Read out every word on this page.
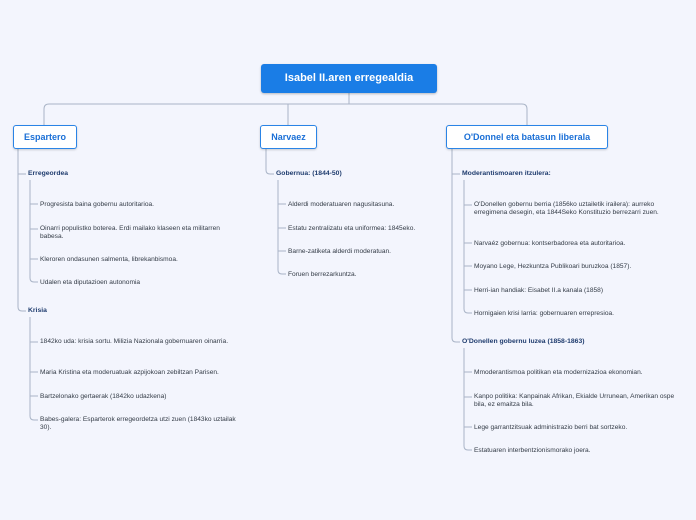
Isabel II.aren erregealdia
Espartero
Erregeordea
Progresista baina gobernu autoritarioa.
Oinarri populistko boterea. Erdi mailako klaseen eta militarren babesa.
Kleroren ondasunen salmenta, librekanbismoa.
Udalen eta diputazioen autonomia
Krisia
1842ko uda: krisia sortu. Milizia Nazionala gobernuaren oinarria.
Maria Kristina eta moderuatuak azpijokoan zebiltzan Parisen.
Bartzelonako gertaerak (1842ko udazkena)
Babes-galera: Esparterok erregeordetza utzi zuen (1843ko uztailak 30).
Narvaez
Gobernua: (1844-50)
Alderdi moderatuaren nagusitasuna.
Estatu zentralizatu eta uniformea: 1845eko.
Barne-zatiketa alderdi moderatuan.
Foruen berrezarkuntza.
O'Donnel eta batasun liberala
Moderantismoaren itzulera:
O'Donellen gobernu berria (1856ko uztailetik irailera): aurreko erregimena desegin, eta 1844Seko Konstituzio berrezarri zuen.
Narvaéz gobernua: kontserbadorea eta autoritarioa.
Moyano Lege, Hezkuntza Publikoari buruzkoa (1857).
Herri-ian handiak: Eisabet II.a kanala (1858)
Hornigaien krisi larria: gobernuaren errepresioa.
O'Donellen gobernu luzea (1858-1863)
Mmoderantismoa politikan eta modernizazioa ekonomian.
Kanpo politika: Kanpainak Afrikan, Ekialde Urrunean, Amerikan ospe bila, ez emaitza bila.
Lege garrantzitsuak administrazio berri bat sortzeko.
Estatuaren interbentzionismorako joera.
